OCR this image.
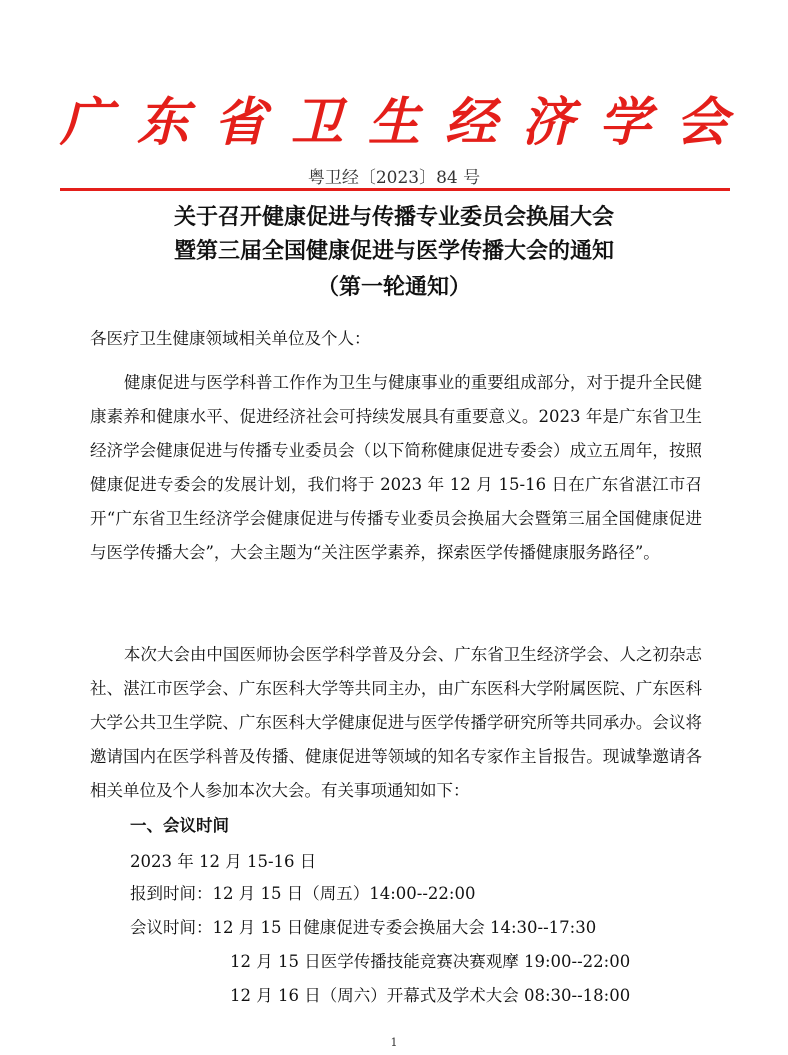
广 东 省 卫 生 经 济 学 会
粤卫经〔2023〕84 号
关于召开健康促进与传播专业委员会换届大会
暨第三届全国健康促进与医学传播大会的通知
（第一轮通知）
各医疗卫生健康领域相关单位及个人：

健康促进与医学科普工作作为卫生与健康事业的重要组成部分，对于提升全民健康素养和健康水平、促进经济社会可持续发展具有重要意义。2023 年是广东省卫生经济学会健康促进与传播专业委员会（以下简称健康促进专委会）成立五周年，按照健康促进专委会的发展计划，我们将于 2023 年 12 月 15-16 日在广东省湛江市召开“广东省卫生经济学会健康促进与传播专业委员会换届大会暨第三届全国健康促进与医学传播大会”，大会主题为“关注医学素养，探索医学传播健康服务路径”。

本次大会由中国医师协会医学科学普及分会、广东省卫生经济学会、人之初杂志社、湛江市医学会、广东医科大学等共同主办，由广东医科大学附属医院、广东医科大学公共卫生学院、广东医科大学健康促进与医学传播学研究所等共同承办。会议将邀请国内在医学科普及传播、健康促进等领域的知名专家作主旨报告。现诚挚邀请各相关单位及个人参加本次大会。有关事项通知如下：

一、会议时间
2023 年 12 月 15-16 日
报到时间：12 月 15 日（周五）14:00--22:00
会议时间：12 月 15 日健康促进专委会换届大会 14:30--17:30
12 月 15 日医学传播技能竞赛决赛观摩 19:00--22:00
12 月 16 日（周六）开幕式及学术大会 08:30--18:00
1
